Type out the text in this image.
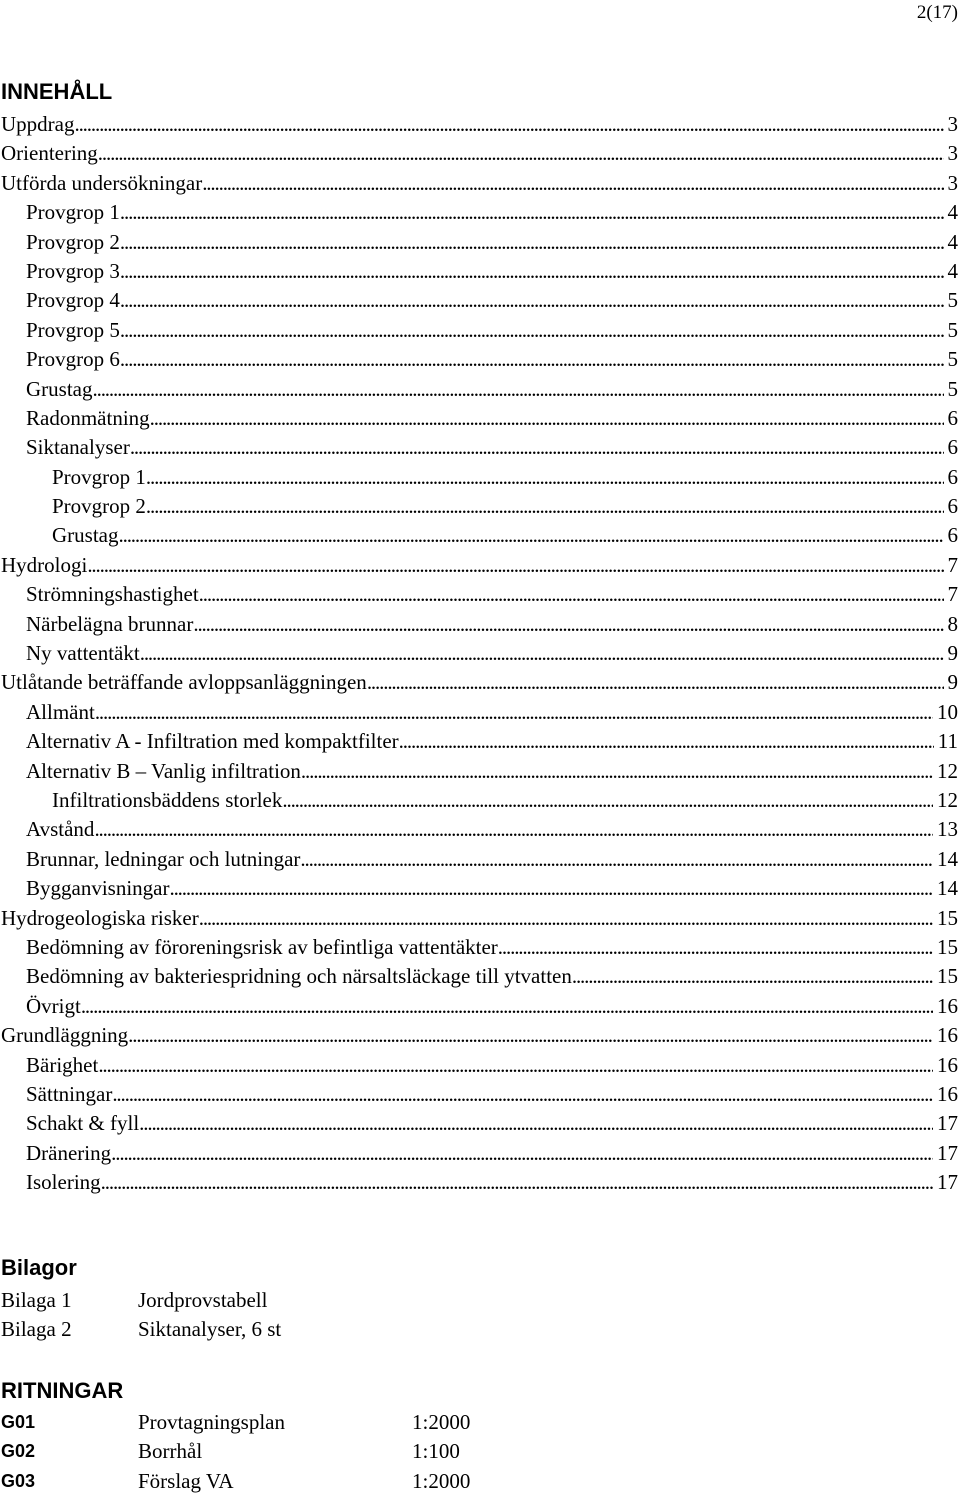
2(17)
INNEHÅLL
Uppdrag . . .	3
Orientering . . .	3
Utförda undersökningar . . .	3
Provgrop 1 . . .	4
Provgrop 2 . . .	4
Provgrop 3 . . .	4
Provgrop 4 . . .	5
Provgrop 5 . . .	5
Provgrop 6 . . .	5
Grustag . . .	5
Radonmätning . . .	6
Siktanalyser . . .	6
Provgrop 1 . . .	6
Provgrop 2 . . .	6
Grustag . . .	6
Hydrologi . . .	7
Strömningshastighet . . .	7
Närbelägna brunnar . . .	8
Ny vattentäkt . . .	9
Utlåtande beträffande avloppsanläggningen . . .	9
Allmänt . . .	10
Alternativ A - Infiltration med kompaktfilter . . .	11
Alternativ B – Vanlig infiltration . . .	12
Infiltrationsbäddens storlek . . .	12
Avstånd . . .	13
Brunnar, ledningar och lutningar . . .	14
Bygganvisningar . . .	14
Hydrogeologiska risker . . .	15
Bedömning av föroreningsrisk av befintliga vattentäkter . . .	15
Bedömning av bakteriespridning och närsaltsläckage till ytvatten . . .	15
Övrigt . . .	16
Grundläggning . . .	16
Bärighet . . .	16
Sättningar . . .	16
Schakt & fyll . . .	17
Dränering . . .	17
Isolering . . .	17
Bilagor
Bilaga 1	Jordprovstabell
Bilaga 2	Siktanalyser, 6 st
RITNINGAR
G01	Provtagningsplan	1:2000
G02	Borrhål	1:100
G03	Förslag VA	1:2000
